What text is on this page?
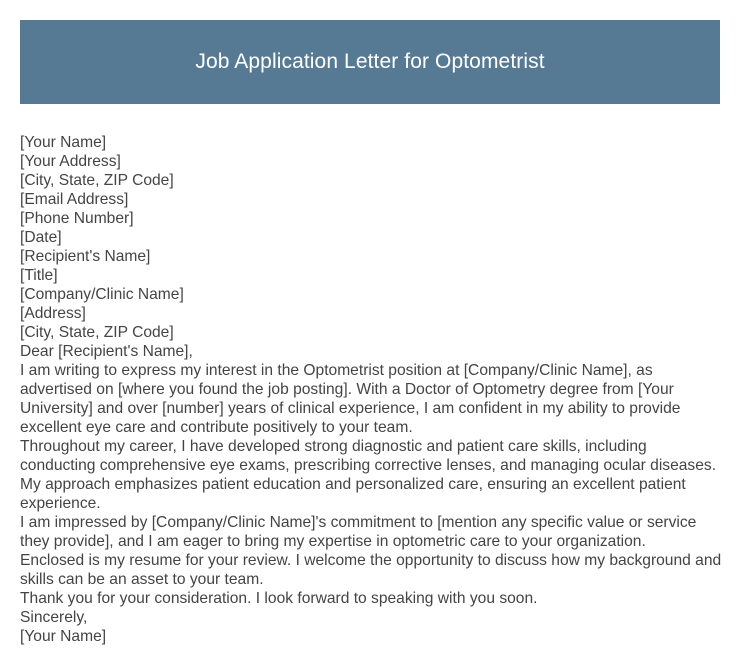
Job Application Letter for Optometrist

[Your Name]

[Your Address]

[City, State, ZIP Code]

[Email Address]

[Phone Number]

[Date]

[Recipient's Name]

[Title]

[Company/Clinic Name]

[Address]

[City, State, ZIP Code]

Dear [Recipient's Name],

I am writing to express my interest in the Optometrist position at [Company/Clinic Name], as advertised on [where you found the job posting]. With a Doctor of Optometry degree from [Your University] and over [number] years of clinical experience, I am confident in my ability to provide excellent eye care and contribute positively to your team.

Throughout my career, I have developed strong diagnostic and patient care skills, including conducting comprehensive eye exams, prescribing corrective lenses, and managing ocular diseases. My approach emphasizes patient education and personalized care, ensuring an excellent patient experience.

I am impressed by [Company/Clinic Name]'s commitment to [mention any specific value or service they provide], and I am eager to bring my expertise in optometric care to your organization.

Enclosed is my resume for your review. I welcome the opportunity to discuss how my background and skills can be an asset to your team.

Thank you for your consideration. I look forward to speaking with you soon.

Sincerely,

[Your Name]
